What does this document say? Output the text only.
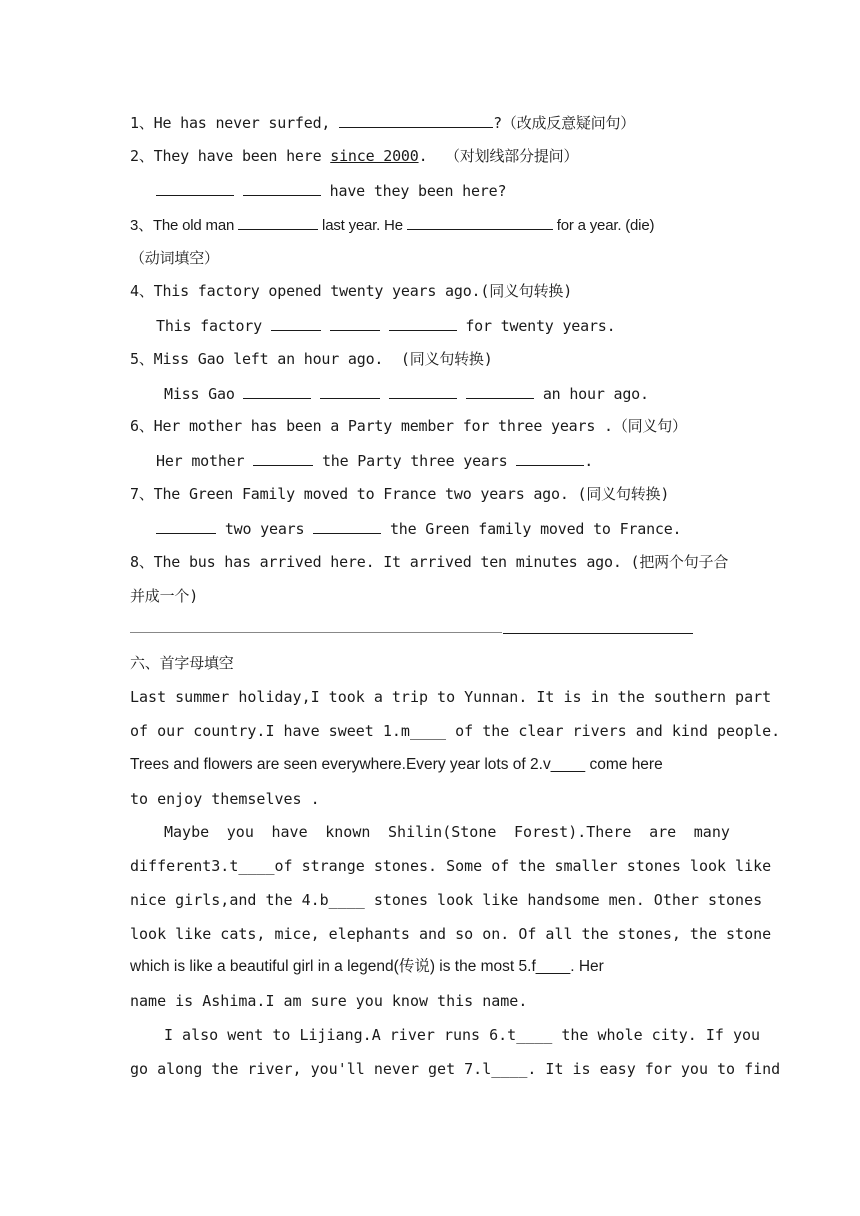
1、He has never surfed,	?（改成反意疑问句）
2、They have been here since 2000.  （对划线部分提问）
have they been here?
3、The old man	last year. He	for a year. (die)
（动词填空）
4、This factory opened twenty years ago.(同义句转换)
This factory	for twenty years.
5、Miss Gao left an hour ago.  (同义句转换)
Miss Gao	an hour ago.
6、Her mother has been a Party member for three years .（同义句）
Her mother	the Party three years	.
7、The Green Family moved to France two years ago. (同义句转换)
two years	the Green family moved to France.
8、The bus has arrived here. It arrived ten minutes ago. (把两个句子合
并成一个)
六、首字母填空
Last summer holiday,I took a trip to Yunnan. It is in the southern part
of our country.I have sweet 1.m____ of the clear rivers and kind people.
Trees and flowers are seen everywhere.Every year lots of 2.v____ come here
to enjoy themselves .
Maybe you have known Shilin(Stone Forest).There are many
different3.t____of strange stones. Some of the smaller stones look like
nice girls,and the 4.b____ stones look like handsome men. Other stones
look like cats, mice, elephants and so on. Of all the stones, the stone
which is like a beautiful girl in a legend(传说) is the most 5.f____. Her
name is Ashima.I am sure you know this name.
I also went to Lijiang.A river runs 6.t____ the whole city. If you
go along the river, you'll never get 7.l____. It is easy for you to find
